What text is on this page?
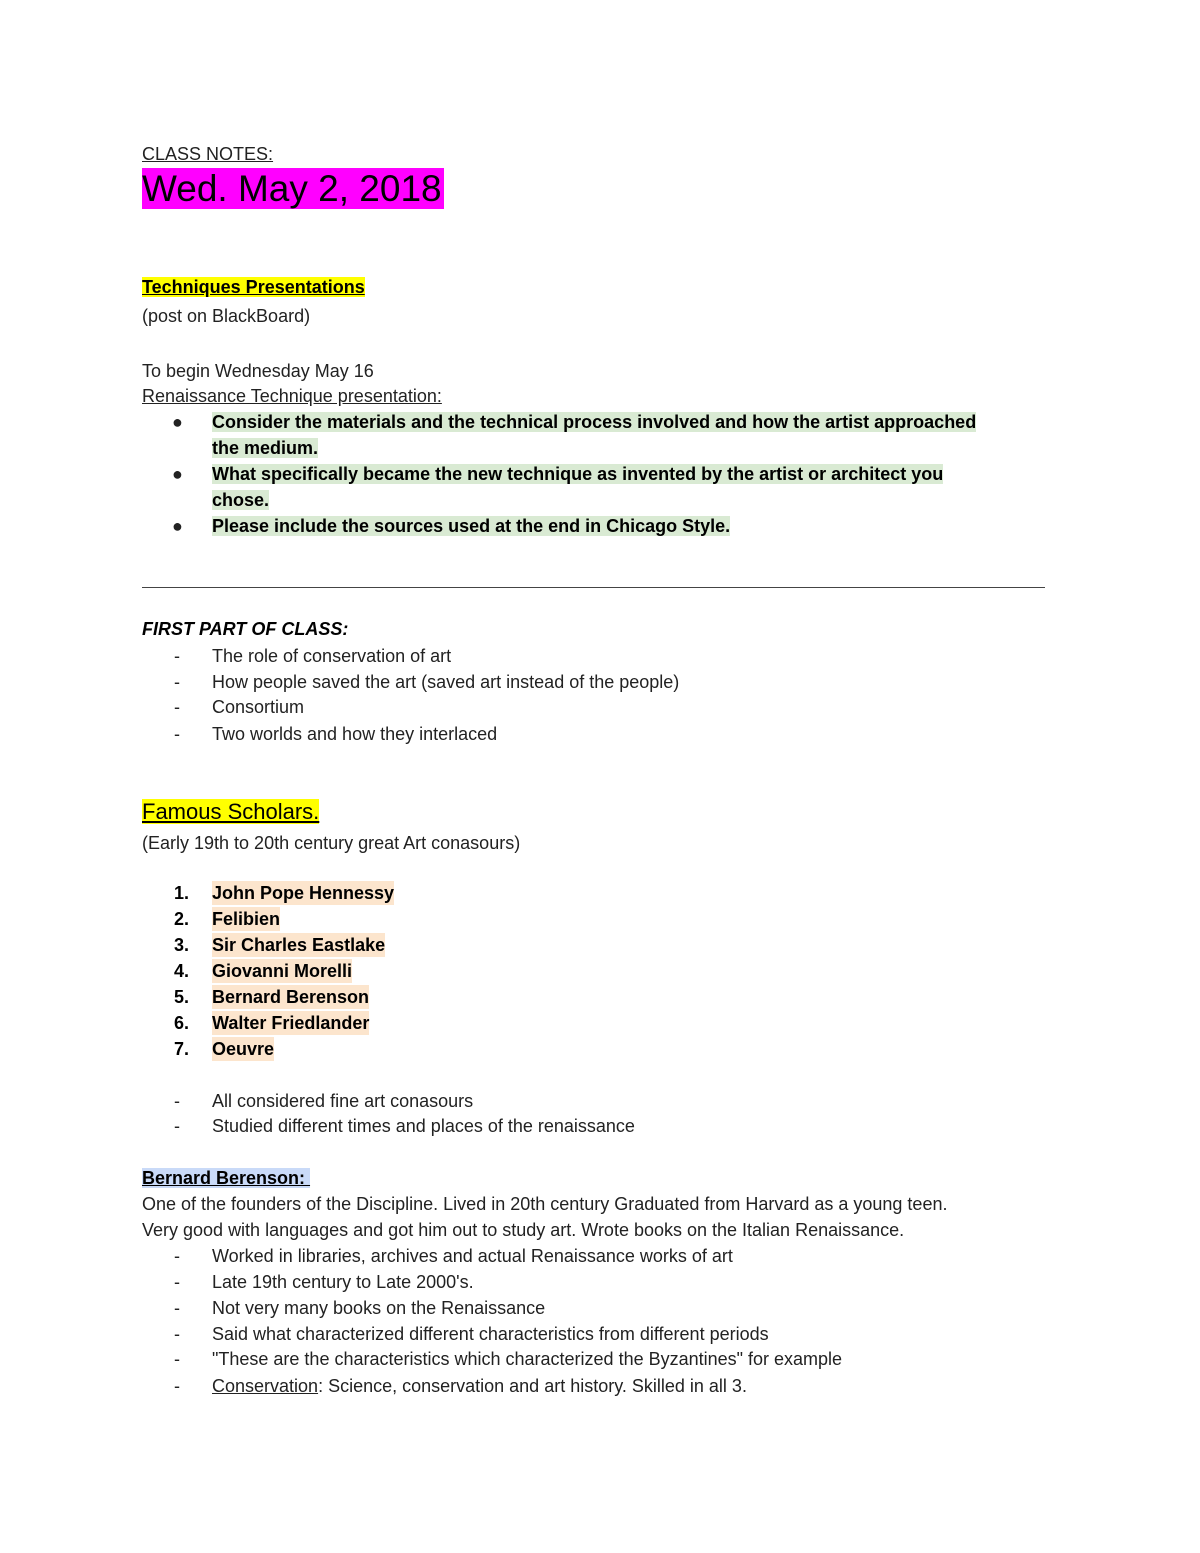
CLASS NOTES:
Wed. May 2, 2018
Techniques Presentations
(post on BlackBoard)
To begin Wednesday May 16
Renaissance Technique presentation:
●	Consider the materials and the technical process involved and how the artist approached
the medium.
●	What specifically became the new technique as invented by the artist or architect you
chose.
●	Please include the sources used at the end in Chicago Style.
FIRST PART OF CLASS:
- The role of conservation of art
- How people saved the art (saved art instead of the people)
- Consortium
- Two worlds and how they interlaced
Famous Scholars.
(Early 19th to 20th century great Art conasours)
1. John Pope Hennessy
2. Felibien
3. Sir Charles Eastlake
4. Giovanni Morelli
5. Bernard Berenson
6. Walter Friedlander
7. Oeuvre
- All considered fine art conasours
- Studied different times and places of the renaissance
Bernard Berenson:
One of the founders of the Discipline. Lived in 20th century Graduated from Harvard as a young teen.
Very good with languages and got him out to study art. Wrote books on the Italian Renaissance.
- Worked in libraries, archives and actual Renaissance works of art
- Late 19th century to Late 2000's.
- Not very many books on the Renaissance
- Said what characterized different characteristics from different periods
- "These are the characteristics which characterized the Byzantines" for example
- Conservation: Science, conservation and art history. Skilled in all 3.
